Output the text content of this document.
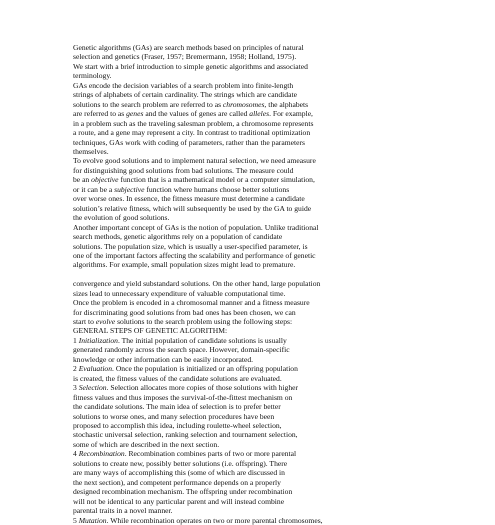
Genetic algorithms (GAs) are search methods based on principles of natural

selection and genetics (Fraser, 1957; Bremermann, 1958; Holland, 1975).

We start with a brief introduction to simple genetic algorithms and associated

terminology.

GAs encode the decision variables of a search problem into finite-length

strings of alphabets of certain cardinality. The strings which are candidate

solutions to the search problem are referred to as chromosomes, the alphabets

are referred to as genes and the values of genes are called alleles. For example,

in a problem such as the traveling salesman problem, a chromosome represents

a route, and a gene may represent a city. In contrast to traditional optimization

techniques, GAs work with coding of parameters, rather than the parameters

themselves.

To evolve good solutions and to implement natural selection, we need ameasure

for distinguishing good solutions from bad solutions. The measure could

be an objective function that is a mathematical model or a computer simulation,

or it can be a subjective function where humans choose better solutions

over worse ones. In essence, the fitness measure must determine a candidate

solution’s relative fitness, which will subsequently be used by the GA to guide

the evolution of good solutions.

Another important concept of GAs is the notion of population. Unlike traditional

search methods, genetic algorithms rely on a population of candidate

solutions. The population size, which is usually a user-specified parameter, is

one of the important factors affecting the scalability and performance of genetic

algorithms. For example, small population sizes might lead to premature.

convergence and yield substandard solutions. On the other hand, large population

sizes lead to unnecessary expenditure of valuable computational time.

Once the problem is encoded in a chromosomal manner and a fitness measure

for discriminating good solutions from bad ones has been chosen, we can

start to evolve solutions to the search problem using the following steps:

GENERAL STEPS OF GENETIC ALGORITHM:

1 Initialization. The initial population of candidate solutions is usually

generated randomly across the search space. However, domain-specific

knowledge or other information can be easily incorporated.

2 Evaluation. Once the population is initialized or an offspring population

is created, the fitness values of the candidate solutions are evaluated.

3 Selection. Selection allocates more copies of those solutions with higher

fitness values and thus imposes the survival-of-the-fittest mechanism on

the candidate solutions. The main idea of selection is to prefer better

solutions to worse ones, and many selection procedures have been

proposed to accomplish this idea, including roulette-wheel selection,

stochastic universal selection, ranking selection and tournament selection,

some of which are described in the next section.

4 Recombination. Recombination combines parts of two or more parental

solutions to create new, possibly better solutions (i.e. offspring). There

are many ways of accomplishing this (some of which are discussed in

the next section), and competent performance depends on a properly

designed recombination mechanism. The offspring under recombination

will not be identical to any particular parent and will instead combine

parental traits in a novel manner.

5 Mutation. While recombination operates on two or more parental chromosomes,
